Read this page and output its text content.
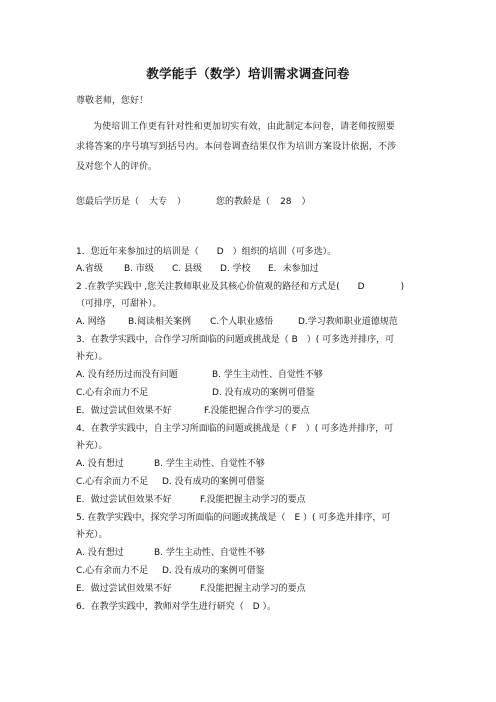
教学能手（数学）培训需求调查问卷
尊敬老师，您好！
为使培训工作更有针对性和更加切实有效，由此制定本问卷，请老师按照要
求将答案的序号填写到括号内。本问卷调查结果仅作为培训方案设计依据，不涉
及对您个人的评价。
您最后学历是（ 大专 ）	您的教龄是（ 28 ）
1．您近年来参加过的培训是（　　D　）组织的培训（可多选）。
A.省级 B. 市级 C. 县级 D. 学校 E．未参加过
2 .在教学实践中 ,您关注教师职业及其核心价值观的路径和方式是(　　D　　　　)
（可排序，可甜补）。
A. 网络 B.阅读相关案例 C.个人职业感悟	D.学习教师职业道德规范
3．在教学实践中，合作学习所面临的问题或挑战是（ B　）( 可多选并排序，可
补充）。
A. 没有经历过而没有问题	B. 学生主动性、自觉性不够
C.心有余而力不足	D. 没有成功的案例可借鉴
E．做过尝试但效果不好	F.没能把握合作学习的要点
4．在教学实践中，自主学习所面临的问题或挑战是（ F　）( 可多选并排序，可
补充）。
A. 没有想过	B. 学生主动性、自觉性不够
C.心有余而力不足 D. 没有成功的案例可借鉴
E．做过尝试但效果不好	F.没能把握主动学习的要点
5. 在教学实践中，探究学习所面临的问题或挑战是（　E ）( 可多选并排序，可
补充）。
A. 没有想过	B. 学生主动性、自觉性不够
C.心有余而力不足 D. 没有成功的案例可借鉴
E．做过尝试但效果不好	F.没能把握主动学习的要点
6．在教学实践中，教师对学生进行研究（　D ）。
